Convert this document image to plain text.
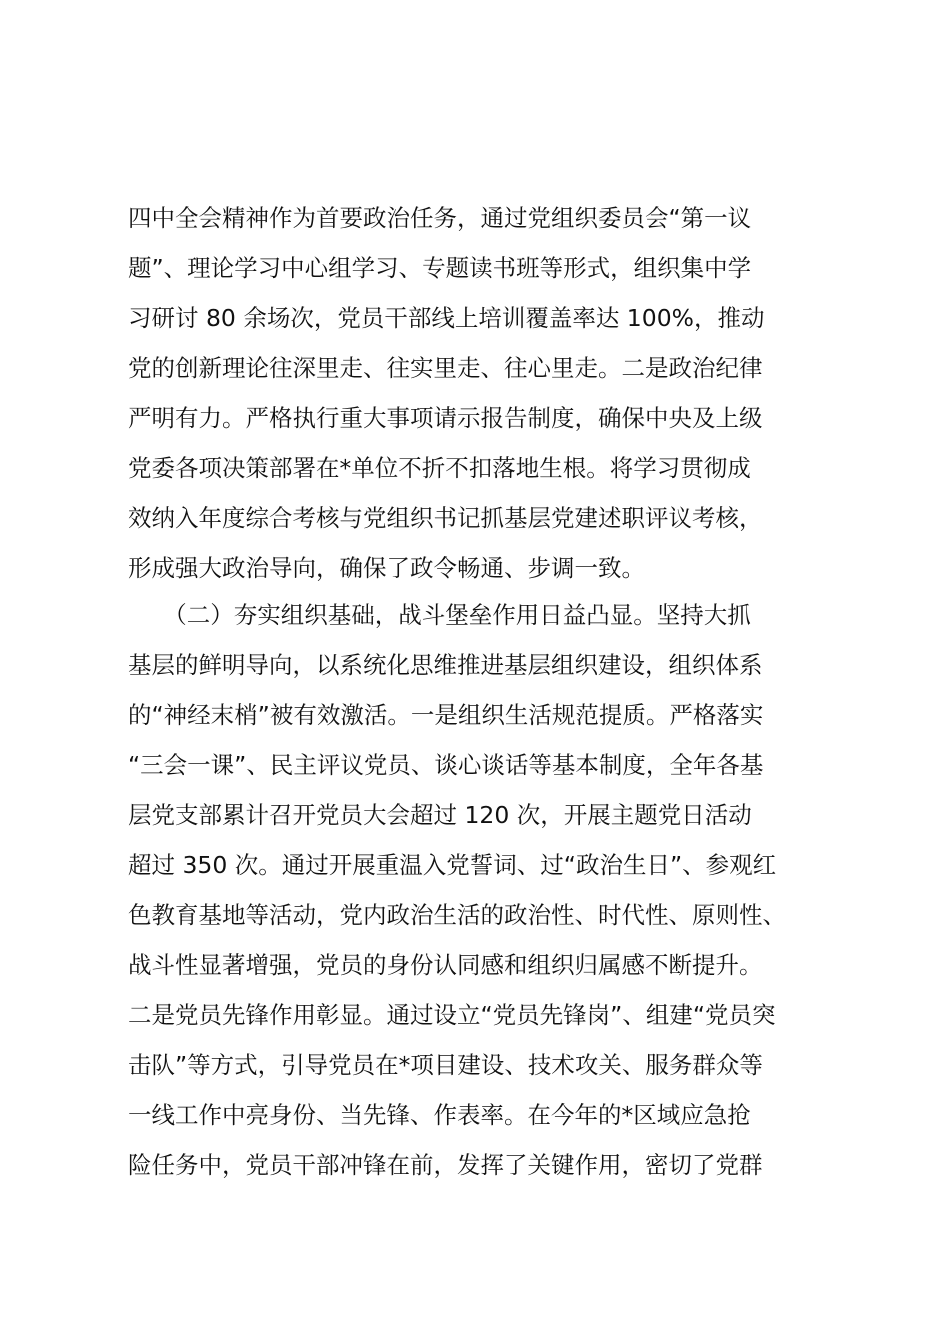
四中全会精神作为首要政治任务，通过党组织委员会“第一议
题”、理论学习中心组学习、专题读书班等形式，组织集中学
习研讨 80 余场次，党员干部线上培训覆盖率达 100%，推动
党的创新理论往深里走、往实里走、往心里走。二是政治纪律
严明有力。严格执行重大事项请示报告制度，确保中央及上级
党委各项决策部署在*单位不折不扣落地生根。将学习贯彻成
效纳入年度综合考核与党组织书记抓基层党建述职评议考核，
形成强大政治导向，确保了政令畅通、步调一致。
　　（二）夯实组织基础，战斗堡垒作用日益凸显。坚持大抓
基层的鲜明导向，以系统化思维推进基层组织建设，组织体系
的“神经末梢”被有效激活。一是组织生活规范提质。严格落实
“三会一课”、民主评议党员、谈心谈话等基本制度，全年各基
层党支部累计召开党员大会超过 120 次，开展主题党日活动
超过 350 次。通过开展重温入党誓词、过“政治生日”、参观红
色教育基地等活动，党内政治生活的政治性、时代性、原则性、
战斗性显著增强，党员的身份认同感和组织归属感不断提升。
二是党员先锋作用彰显。通过设立“党员先锋岗”、组建“党员突
击队”等方式，引导党员在*项目建设、技术攻关、服务群众等
一线工作中亮身份、当先锋、作表率。在今年的*区域应急抢
险任务中，党员干部冲锋在前，发挥了关键作用，密切了党群
